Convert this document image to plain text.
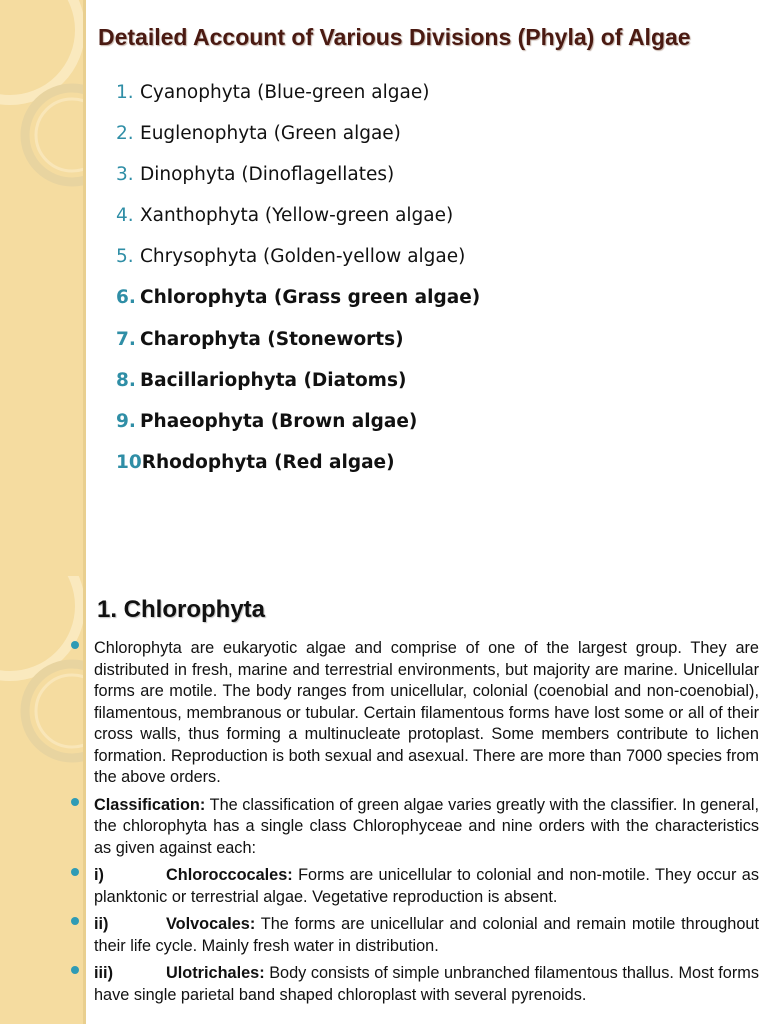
Detailed Account of Various Divisions (Phyla) of Algae
1. Cyanophyta (Blue-green algae)
2. Euglenophyta (Green algae)
3. Dinophyta (Dinoflagellates)
4. Xanthophyta (Yellow-green algae)
5. Chrysophyta (Golden-yellow algae)
6. Chlorophyta (Grass green algae)
7. Charophyta (Stoneworts)
8. Bacillariophyta (Diatoms)
9. Phaeophyta (Brown algae)
10Rhodophyta (Red algae)
1. Chlorophyta
Chlorophyta are eukaryotic algae and comprise of one of the largest group. They are distributed in fresh, marine and terrestrial environments, but majority are marine. Unicellular forms are motile. The body ranges from unicellular, colonial (coenobial and non-coenobial), filamentous, membranous or tubular. Certain filamentous forms have lost some or all of their cross walls, thus forming a multinucleate protoplast. Some members contribute to lichen formation. Reproduction is both sexual and asexual. There are more than 7000 species from the above orders.
Classification: The classification of green algae varies greatly with the classifier. In general, the chlorophyta has a single class Chlorophyceae and nine orders with the characteristics as given against each:
i)	Chloroccocales: Forms are unicellular to colonial and non-motile. They occur as planktonic or terrestrial algae. Vegetative reproduction is absent.
ii)	Volvocales: The forms are unicellular and colonial and remain motile throughout their life cycle. Mainly fresh water in distribution.
iii)	Ulotrichales: Body consists of simple unbranched filamentous thallus. Most forms have single parietal band shaped chloroplast with several pyrenoids.
